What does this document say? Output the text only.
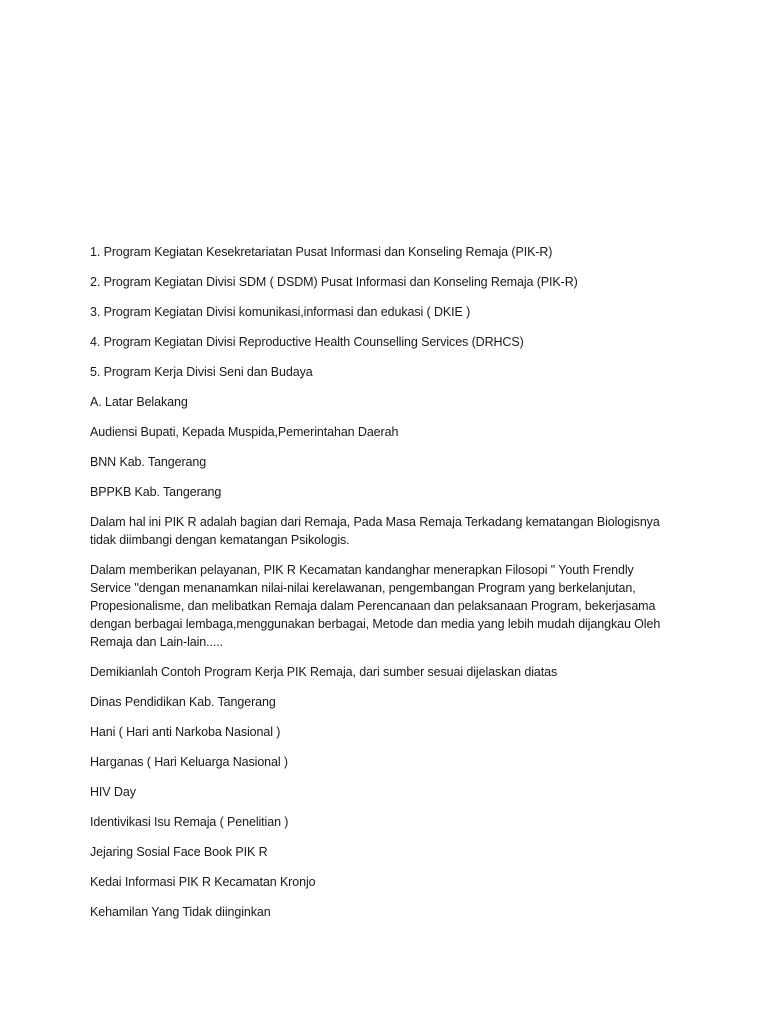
1. Program Kegiatan Kesekretariatan Pusat Informasi dan Konseling Remaja (PIK-R)

2. Program Kegiatan Divisi SDM ( DSDM) Pusat Informasi dan Konseling Remaja (PIK-R)

3. Program Kegiatan Divisi komunikasi,informasi dan edukasi ( DKIE )

4. Program Kegiatan Divisi Reproductive Health Counselling Services (DRHCS)

5. Program Kerja Divisi Seni dan Budaya

A. Latar Belakang

Audiensi Bupati, Kepada Muspida,Pemerintahan Daerah

BNN Kab. Tangerang

BPPKB Kab. Tangerang

Dalam hal ini PIK R adalah bagian dari Remaja, Pada Masa Remaja Terkadang kematangan Biologisnya
tidak diimbangi dengan kematangan Psikologis.

Dalam memberikan pelayanan, PIK R Kecamatan kandanghar menerapkan Filosopi " Youth Frendly
Service "dengan menanamkan nilai-nilai kerelawanan, pengembangan Program yang berkelanjutan,
Propesionalisme, dan melibatkan Remaja dalam Perencanaan dan pelaksanaan Program, bekerjasama
dengan berbagai lembaga,menggunakan berbagai, Metode dan media yang lebih mudah dijangkau Oleh
Remaja dan Lain-lain.....

Demikianlah Contoh Program Kerja PIK Remaja, dari sumber sesuai dijelaskan diatas

Dinas Pendidikan Kab. Tangerang

Hani ( Hari anti Narkoba Nasional )

Harganas ( Hari Keluarga Nasional )

HIV Day

Identivikasi Isu Remaja ( Penelitian )

Jejaring Sosial Face Book PIK R

Kedai Informasi PIK R Kecamatan Kronjo

Kehamilan Yang Tidak diinginkan
